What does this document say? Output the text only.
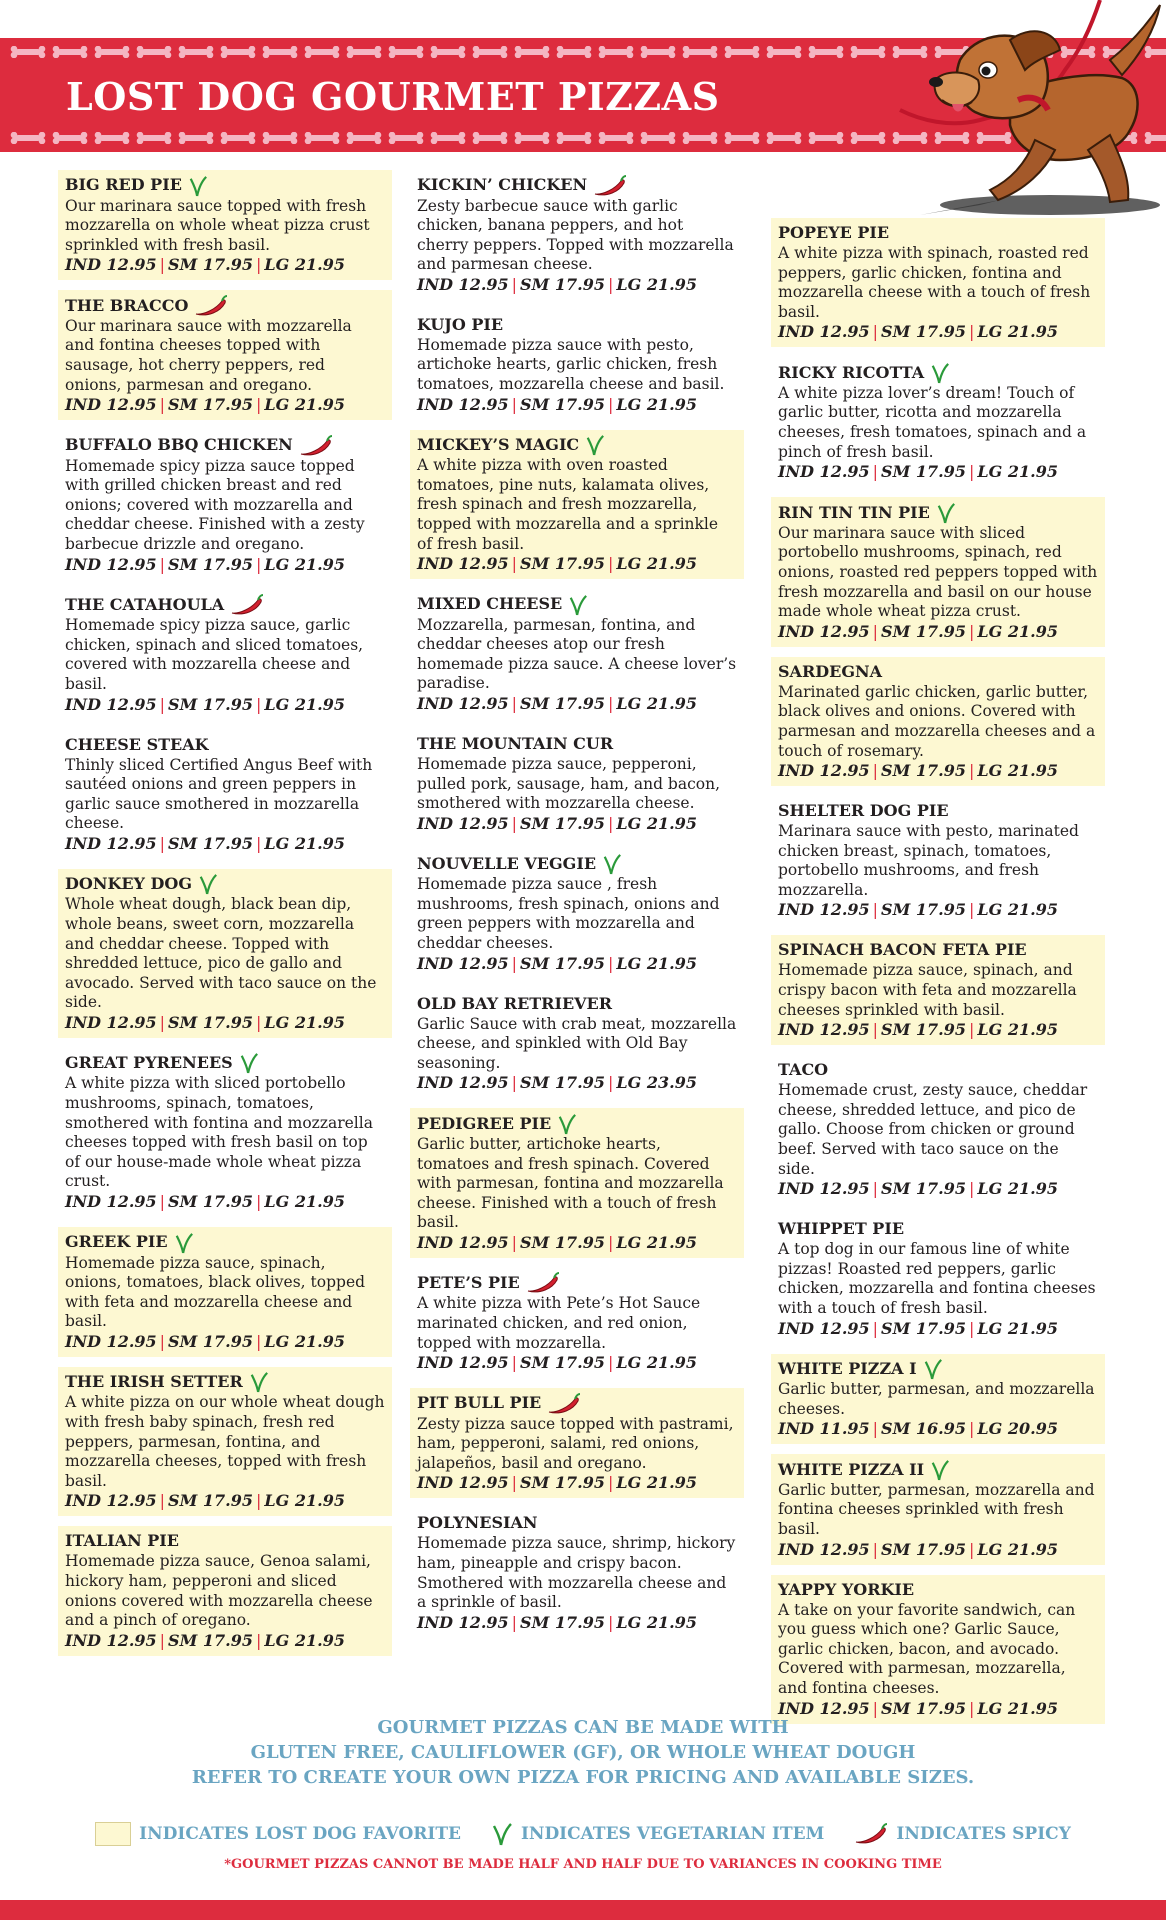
LOST DOG GOURMET PIZZAS
BIG RED PIE
Our marinara sauce topped with fresh mozzarella on whole wheat pizza crust sprinkled with fresh basil.
IND 12.95 | SM 17.95 | LG 21.95
THE BRACCO
Our marinara sauce with mozzarella and fontina cheeses topped with sausage, hot cherry peppers, red onions, parmesan and oregano.
IND 12.95 | SM 17.95 | LG 21.95
BUFFALO BBQ CHICKEN
Homemade spicy pizza sauce topped with grilled chicken breast and red onions; covered with mozzarella and cheddar cheese. Finished with a zesty barbecue drizzle and oregano.
IND 12.95 | SM 17.95 | LG 21.95
THE CATAHOULA
Homemade spicy pizza sauce, garlic chicken, spinach and sliced tomatoes, covered with mozzarella cheese and basil.
IND 12.95 | SM 17.95 | LG 21.95
CHEESE STEAK
Thinly sliced Certified Angus Beef with sautéed onions and green peppers in garlic sauce smothered in mozzarella cheese.
IND 12.95 | SM 17.95 | LG 21.95
DONKEY DOG
Whole wheat dough, black bean dip, whole beans, sweet corn, mozzarella and cheddar cheese. Topped with shredded lettuce, pico de gallo and avocado. Served with taco sauce on the side.
IND 12.95 | SM 17.95 | LG 21.95
GREAT PYRENEES
A white pizza with sliced portobello mushrooms, spinach, tomatoes, smothered with fontina and mozzarella cheeses topped with fresh basil on top of our house-made whole wheat pizza crust.
IND 12.95 | SM 17.95 | LG 21.95
GREEK PIE
Homemade pizza sauce, spinach, onions, tomatoes, black olives, topped with feta and mozzarella cheese and basil.
IND 12.95 | SM 17.95 | LG 21.95
THE IRISH SETTER
A white pizza on our whole wheat dough with fresh baby spinach, fresh red peppers, parmesan, fontina, and mozzarella cheeses, topped with fresh basil.
IND 12.95 | SM 17.95 | LG 21.95
ITALIAN PIE
Homemade pizza sauce, Genoa salami, hickory ham, pepperoni and sliced onions covered with mozzarella cheese and a pinch of oregano.
IND 12.95 | SM 17.95 | LG 21.95
KICKIN’ CHICKEN
Zesty barbecue sauce with garlic chicken, banana peppers, and hot cherry peppers. Topped with mozzarella and parmesan cheese.
IND 12.95 | SM 17.95 | LG 21.95
KUJO PIE
Homemade pizza sauce with pesto, artichoke hearts, garlic chicken, fresh tomatoes, mozzarella cheese and basil.
IND 12.95 | SM 17.95 | LG 21.95
MICKEY’S MAGIC
A white pizza with oven roasted tomatoes, pine nuts, kalamata olives, fresh spinach and fresh mozzarella, topped with mozzarella and a sprinkle of fresh basil.
IND 12.95 | SM 17.95 | LG 21.95
MIXED CHEESE
Mozzarella, parmesan, fontina, and cheddar cheeses atop our fresh homemade pizza sauce. A cheese lover’s paradise.
IND 12.95 | SM 17.95 | LG 21.95
THE MOUNTAIN CUR
Homemade pizza sauce, pepperoni, pulled pork, sausage, ham, and bacon, smothered with mozzarella cheese.
IND 12.95 | SM 17.95 | LG 21.95
NOUVELLE VEGGIE
Homemade pizza sauce , fresh mushrooms, fresh spinach, onions and green peppers with mozzarella and cheddar cheeses.
IND 12.95 | SM 17.95 | LG 21.95
OLD BAY RETRIEVER
Garlic Sauce with crab meat, mozzarella cheese, and spinkled with Old Bay seasoning.
IND 12.95 | SM 17.95 | LG 23.95
PEDIGREE PIE
Garlic butter, artichoke hearts, tomatoes and fresh spinach. Covered with parmesan, fontina and mozzarella cheese. Finished with a touch of fresh basil.
IND 12.95 | SM 17.95 | LG 21.95
PETE’S PIE
A white pizza with Pete’s Hot Sauce marinated chicken, and red onion, topped with mozzarella.
IND 12.95 | SM 17.95 | LG 21.95
PIT BULL PIE
Zesty pizza sauce topped with pastrami, ham, pepperoni, salami, red onions, jalapeños, basil and oregano.
IND 12.95 | SM 17.95 | LG 21.95
POLYNESIAN
Homemade pizza sauce, shrimp, hickory ham, pineapple and crispy bacon. Smothered with mozzarella cheese and a sprinkle of basil.
IND 12.95 | SM 17.95 | LG 21.95
POPEYE PIE
A white pizza with spinach, roasted red peppers, garlic chicken, fontina and mozzarella cheese with a touch of fresh basil.
IND 12.95 | SM 17.95 | LG 21.95
RICKY RICOTTA
A white pizza lover’s dream! Touch of garlic butter, ricotta and mozzarella cheeses, fresh tomatoes, spinach and a pinch of fresh basil.
IND 12.95 | SM 17.95 | LG 21.95
RIN TIN TIN PIE
Our marinara sauce with sliced portobello mushrooms, spinach, red onions, roasted red peppers topped with fresh mozzarella and basil on our house made whole wheat pizza crust.
IND 12.95 | SM 17.95 | LG 21.95
SARDEGNA
Marinated garlic chicken, garlic butter, black olives and onions. Covered with parmesan and mozzarella cheeses and a touch of rosemary.
IND 12.95 | SM 17.95 | LG 21.95
SHELTER DOG PIE
Marinara sauce with pesto, marinated chicken breast, spinach, tomatoes, portobello mushrooms, and fresh mozzarella.
IND 12.95 | SM 17.95 | LG 21.95
SPINACH BACON FETA PIE
Homemade pizza sauce, spinach, and crispy bacon with feta and mozzarella cheeses sprinkled with basil.
IND 12.95 | SM 17.95 | LG 21.95
TACO
Homemade crust, zesty sauce, cheddar cheese, shredded lettuce, and pico de gallo. Choose from chicken or ground beef. Served with taco sauce on the side.
IND 12.95 | SM 17.95 | LG 21.95
WHIPPET PIE
A top dog in our famous line of white pizzas! Roasted red peppers, garlic chicken, mozzarella and fontina cheeses with a touch of fresh basil.
IND 12.95 | SM 17.95 | LG 21.95
WHITE PIZZA I
Garlic butter, parmesan, and mozzarella cheeses.
IND 11.95 | SM 16.95 | LG 20.95
WHITE PIZZA II
Garlic butter, parmesan, mozzarella and fontina cheeses sprinkled with fresh basil.
IND 12.95 | SM 17.95 | LG 21.95
YAPPY YORKIE
A take on your favorite sandwich, can you guess which one? Garlic Sauce, garlic chicken, bacon, and avocado. Covered with parmesan, mozzarella, and fontina cheeses.
IND 12.95 | SM 17.95 | LG 21.95
GOURMET PIZZAS CAN BE MADE WITH
GLUTEN FREE, CAULIFLOWER (GF), OR WHOLE WHEAT DOUGH
REFER TO CREATE YOUR OWN PIZZA FOR PRICING AND AVAILABLE SIZES.
INDICATES LOST DOG FAVORITE	INDICATES VEGETARIAN ITEM	INDICATES SPICY
*GOURMET PIZZAS CANNOT BE MADE HALF AND HALF DUE TO VARIANCES IN COOKING TIME
